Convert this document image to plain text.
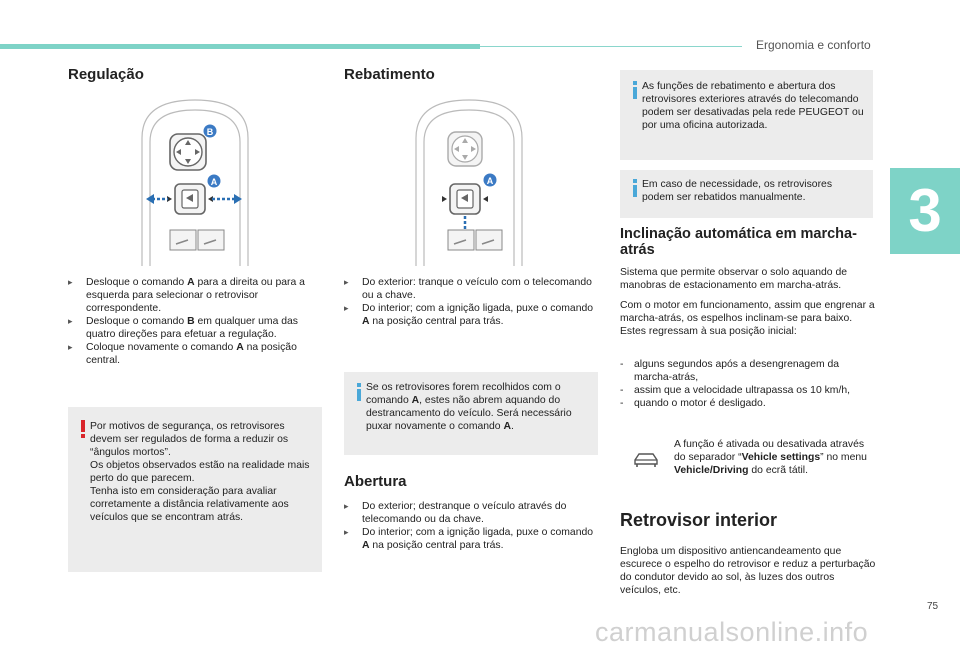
Ergonomia e conforto
3
Regulação
B
A
▸ Desloque o comando A para a direita ou para a esquerda para selecionar o retrovisor correspondente.
▸ Desloque o comando B em qualquer uma das quatro direções para efetuar a regulação.
▸ Coloque novamente o comando A na posição central.
Por motivos de segurança, os retrovisores devem ser regulados de forma a reduzir os “ângulos mortos”.
Os objetos observados estão na realidade mais perto do que parecem.
Tenha isto em consideração para avaliar corretamente a distância relativamente aos veículos que se encontram atrás.
Rebatimento
A
▸ Do exterior: tranque o veículo com o telecomando ou a chave.
▸ Do interior; com a ignição ligada, puxe o comando A na posição central para trás.
Se os retrovisores forem recolhidos com o comando A, estes não abrem aquando do destrancamento do veículo. Será necessário puxar novamente o comando A.
Abertura
▸ Do exterior; destranque o veículo através do telecomando ou da chave.
▸ Do interior; com a ignição ligada, puxe o comando A na posição central para trás.
As funções de rebatimento e abertura dos retrovisores exteriores através do telecomando podem ser desativadas pela rede PEUGEOT ou por uma oficina autorizada.
Em caso de necessidade, os retrovisores podem ser rebatidos manualmente.
Inclinação automática em marcha-atrás

Sistema que permite observar o solo aquando de manobras de estacionamento em marcha-atrás.

Com o motor em funcionamento, assim que engrenar a marcha-atrás, os espelhos inclinam-se para baixo.
Estes regressam à sua posição inicial:

- alguns segundos após a desengrenagem da marcha-atrás,
- assim que a velocidade ultrapassa os 10 km/h,
- quando o motor é desligado.
A função é ativada ou desativada através do separador “Vehicle settings” no menu Vehicle/Driving do ecrã tátil.
Retrovisor interior

Engloba um dispositivo antiencandeamento que escurece o espelho do retrovisor e reduz a perturbação do condutor devido ao sol, às luzes dos outros veículos, etc.

75
carmanualsonline.info
